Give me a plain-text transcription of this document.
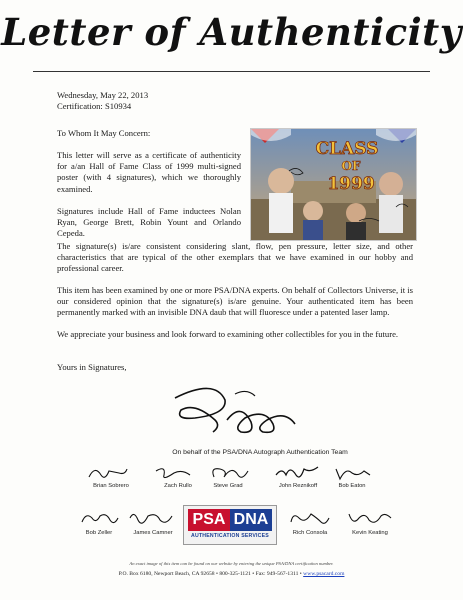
Letter of Authenticity
Wednesday, May 22, 2013
Certification: S10934
To Whom It May Concern:
This letter will serve as a certificate of authenticity for a/an Hall of Fame Class of 1999 multi-signed poster (with 4 signatures), which we thoroughly examined.
Signatures include Hall of Fame inductees Nolan Ryan, George Brett, Robin Yount and Orlando Cepeda.
The signature(s) is/are consistent considering slant, flow, pen pressure, letter size, and other characteristics that are typical of the other exemplars that we have examined in our hobby and professional career.
This item has been examined by one or more PSA/DNA experts. On behalf of Collectors Universe, it is our considered opinion that the signature(s) is/are genuine. Your authenticated item has been permanently marked with an invisible DNA daub that will fluoresce under a patented laser lamp.
We appreciate your business and look forward to examining other collectibles for you in the future.
Yours in Signatures,
CLASS
OF
1999
On behalf of the PSA/DNA Autograph Authentication Team
Brian Sobrero	Zach Rullo	Steve Grad	John Reznikoff	Bob Eaton
Bob Zeller	James Camner	Rich Consola	Kevin Keating
PSA DNA
AUTHENTICATION SERVICES
An exact image of this item can be found on our website by entering the unique PSA/DNA certification number.
P.O. Box 6180, Newport Beach, CA 92658 • 800-325-1121 • Fax: 949-567-1311 • www.psacard.com
